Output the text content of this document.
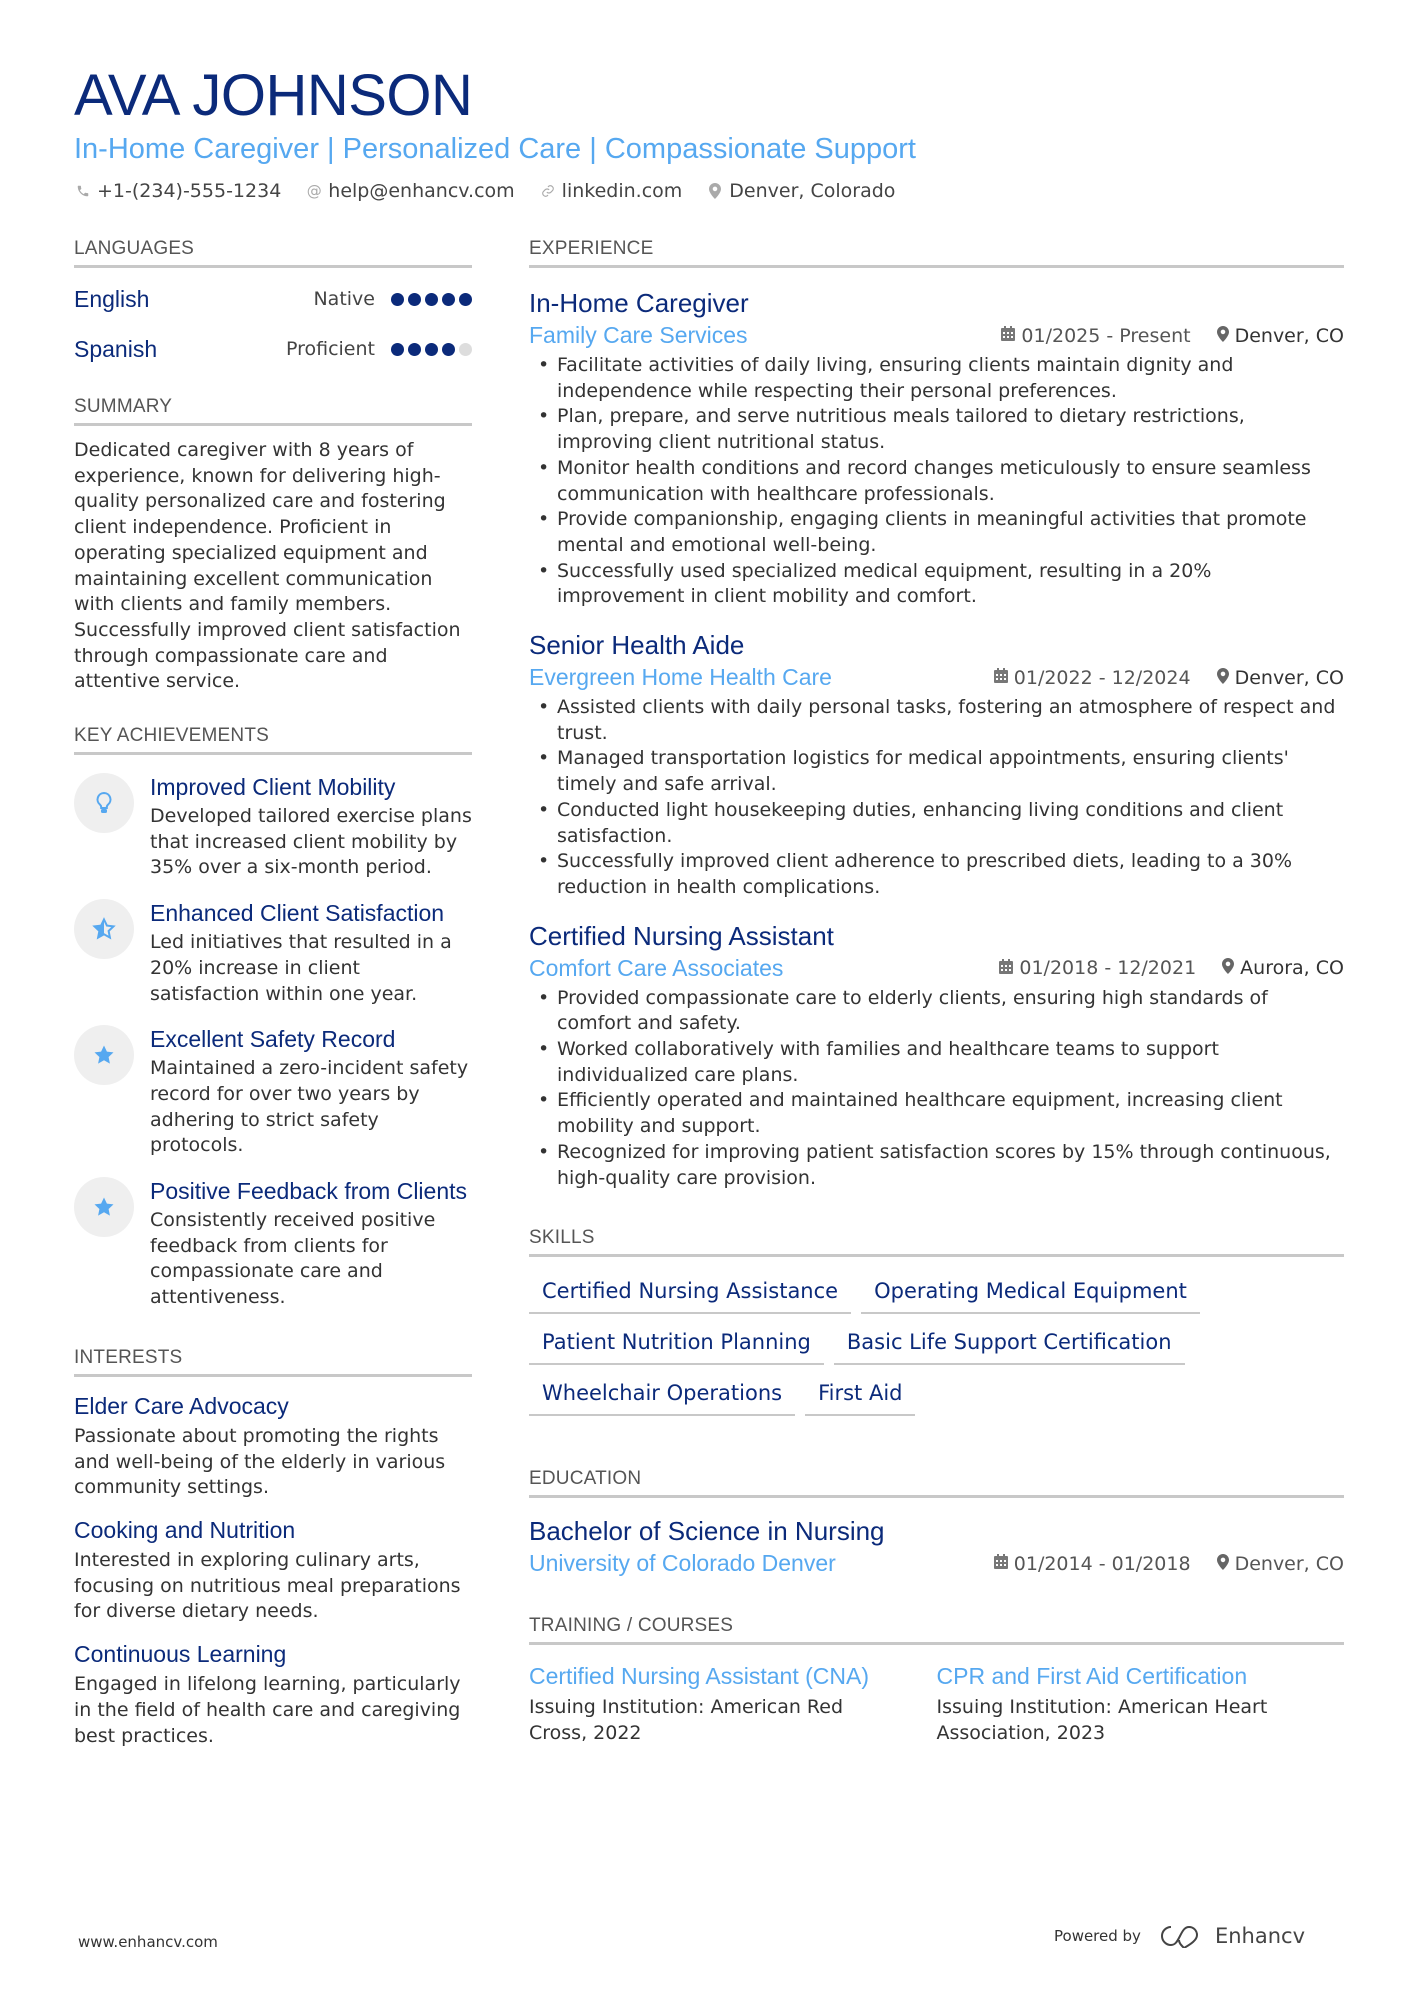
AVA JOHNSON
In-Home Caregiver | Personalized Care | Compassionate Support
+1-(234)-555-1234 @ help@enhancv.com linkedin.com Denver, Colorado
LANGUAGES
English	Native
Spanish	Proficient
SUMMARY
Dedicated caregiver with 8 years of experience, known for delivering high-quality personalized care and fostering client independence. Proficient in operating specialized equipment and maintaining excellent communication with clients and family members. Successfully improved client satisfaction through compassionate care and attentive service.
KEY ACHIEVEMENTS
Improved Client Mobility
Developed tailored exercise plans that increased client mobility by 35% over a six-month period.
Enhanced Client Satisfaction
Led initiatives that resulted in a 20% increase in client satisfaction within one year.
Excellent Safety Record
Maintained a zero-incident safety record for over two years by adhering to strict safety protocols.
Positive Feedback from Clients
Consistently received positive feedback from clients for compassionate care and attentiveness.
INTERESTS
Elder Care Advocacy
Passionate about promoting the rights and well-being of the elderly in various community settings.
Cooking and Nutrition
Interested in exploring culinary arts, focusing on nutritious meal preparations for diverse dietary needs.
Continuous Learning
Engaged in lifelong learning, particularly in the field of health care and caregiving best practices.
EXPERIENCE
In-Home Caregiver
Family Care Services	01/2025 - Present Denver, CO
• Facilitate activities of daily living, ensuring clients maintain dignity and independence while respecting their personal preferences.
• Plan, prepare, and serve nutritious meals tailored to dietary restrictions, improving client nutritional status.
• Monitor health conditions and record changes meticulously to ensure seamless communication with healthcare professionals.
• Provide companionship, engaging clients in meaningful activities that promote mental and emotional well-being.
• Successfully used specialized medical equipment, resulting in a 20% improvement in client mobility and comfort.
Senior Health Aide
Evergreen Home Health Care	01/2022 - 12/2024 Denver, CO
• Assisted clients with daily personal tasks, fostering an atmosphere of respect and trust.
• Managed transportation logistics for medical appointments, ensuring clients' timely and safe arrival.
• Conducted light housekeeping duties, enhancing living conditions and client satisfaction.
• Successfully improved client adherence to prescribed diets, leading to a 30% reduction in health complications.
Certified Nursing Assistant
Comfort Care Associates	01/2018 - 12/2021 Aurora, CO
• Provided compassionate care to elderly clients, ensuring high standards of comfort and safety.
• Worked collaboratively with families and healthcare teams to support individualized care plans.
• Efficiently operated and maintained healthcare equipment, increasing client mobility and support.
• Recognized for improving patient satisfaction scores by 15% through continuous, high-quality care provision.
SKILLS
Certified Nursing Assistance	Operating Medical Equipment
Patient Nutrition Planning	Basic Life Support Certification
Wheelchair Operations	First Aid
EDUCATION
Bachelor of Science in Nursing
University of Colorado Denver	01/2014 - 01/2018 Denver, CO
TRAINING / COURSES
Certified Nursing Assistant (CNA)
Issuing Institution: American Red Cross, 2022
CPR and First Aid Certification
Issuing Institution: American Heart Association, 2023
www.enhancv.com	Powered by	Enhancv
